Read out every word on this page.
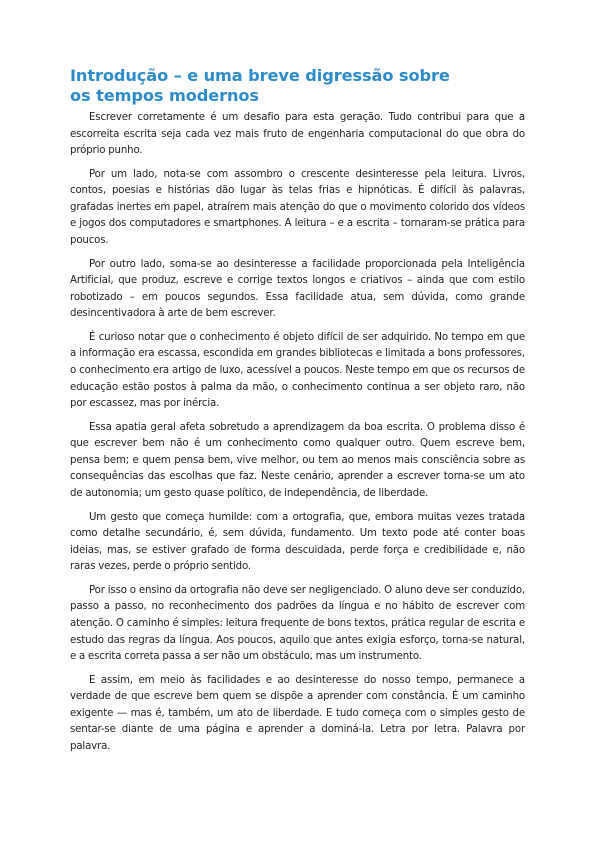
Introdução – e uma breve digressão sobre
os tempos modernos

Escrever corretamente é um desafio para esta geração. Tudo contribui para que a escorreita escrita seja cada vez mais fruto de engenharia computacional do que obra do próprio punho.

Por um lado, nota-se com assombro o crescente desinteresse pela leitura. Livros, contos, poesias e histórias dão lugar às telas frias e hipnóticas. É difícil às palavras, grafadas inertes em papel, atraírem mais atenção do que o movimento colorido dos vídeos e jogos dos computadores e smartphones. A leitura – e a escrita – tornaram-se prática para poucos.

Por outro lado, soma-se ao desinteresse a facilidade proporcionada pela Inteligência Artificial, que produz, escreve e corrige textos longos e criativos – ainda que com estilo robotizado – em poucos segundos. Essa facilidade atua, sem dúvida, como grande desincentivadora à arte de bem escrever.

É curioso notar que o conhecimento é objeto difícil de ser adquirido. No tempo em que a informação era escassa, escondida em grandes bibliotecas e limitada a bons professores, o conhecimento era artigo de luxo, acessível a poucos. Neste tempo em que os recursos de educação estão postos à palma da mão, o conhecimento continua a ser objeto raro, não por escassez, mas por inércia.

Essa apatia geral afeta sobretudo a aprendizagem da boa escrita. O problema disso é que escrever bem não é um conhecimento como qualquer outro. Quem escreve bem, pensa bem; e quem pensa bem, vive melhor, ou tem ao menos mais consciência sobre as consequências das escolhas que faz. Neste cenário, aprender a escrever torna-se um ato de autonomia; um gesto quase político, de independência, de liberdade.

Um gesto que começa humilde: com a ortografia, que, embora muitas vezes tratada como detalhe secundário, é, sem dúvida, fundamento. Um texto pode até conter boas ideias, mas, se estiver grafado de forma descuidada, perde força e credibilidade e, não raras vezes, perde o próprio sentido.

Por isso o ensino da ortografia não deve ser negligenciado. O aluno deve ser conduzido, passo a passo, no reconhecimento dos padrões da língua e no hábito de escrever com atenção. O caminho é simples: leitura frequente de bons textos, prática regular de escrita e estudo das regras da língua. Aos poucos, aquilo que antes exigia esforço, torna-se natural, e a escrita correta passa a ser não um obstáculo, mas um instrumento.

E assim, em meio às facilidades e ao desinteresse do nosso tempo, permanece a verdade de que escreve bem quem se dispõe a aprender com constância. É um caminho exigente — mas é, também, um ato de liberdade. E tudo começa com o simples gesto de sentar-se diante de uma página e aprender a dominá-la. Letra por letra. Palavra por palavra.
